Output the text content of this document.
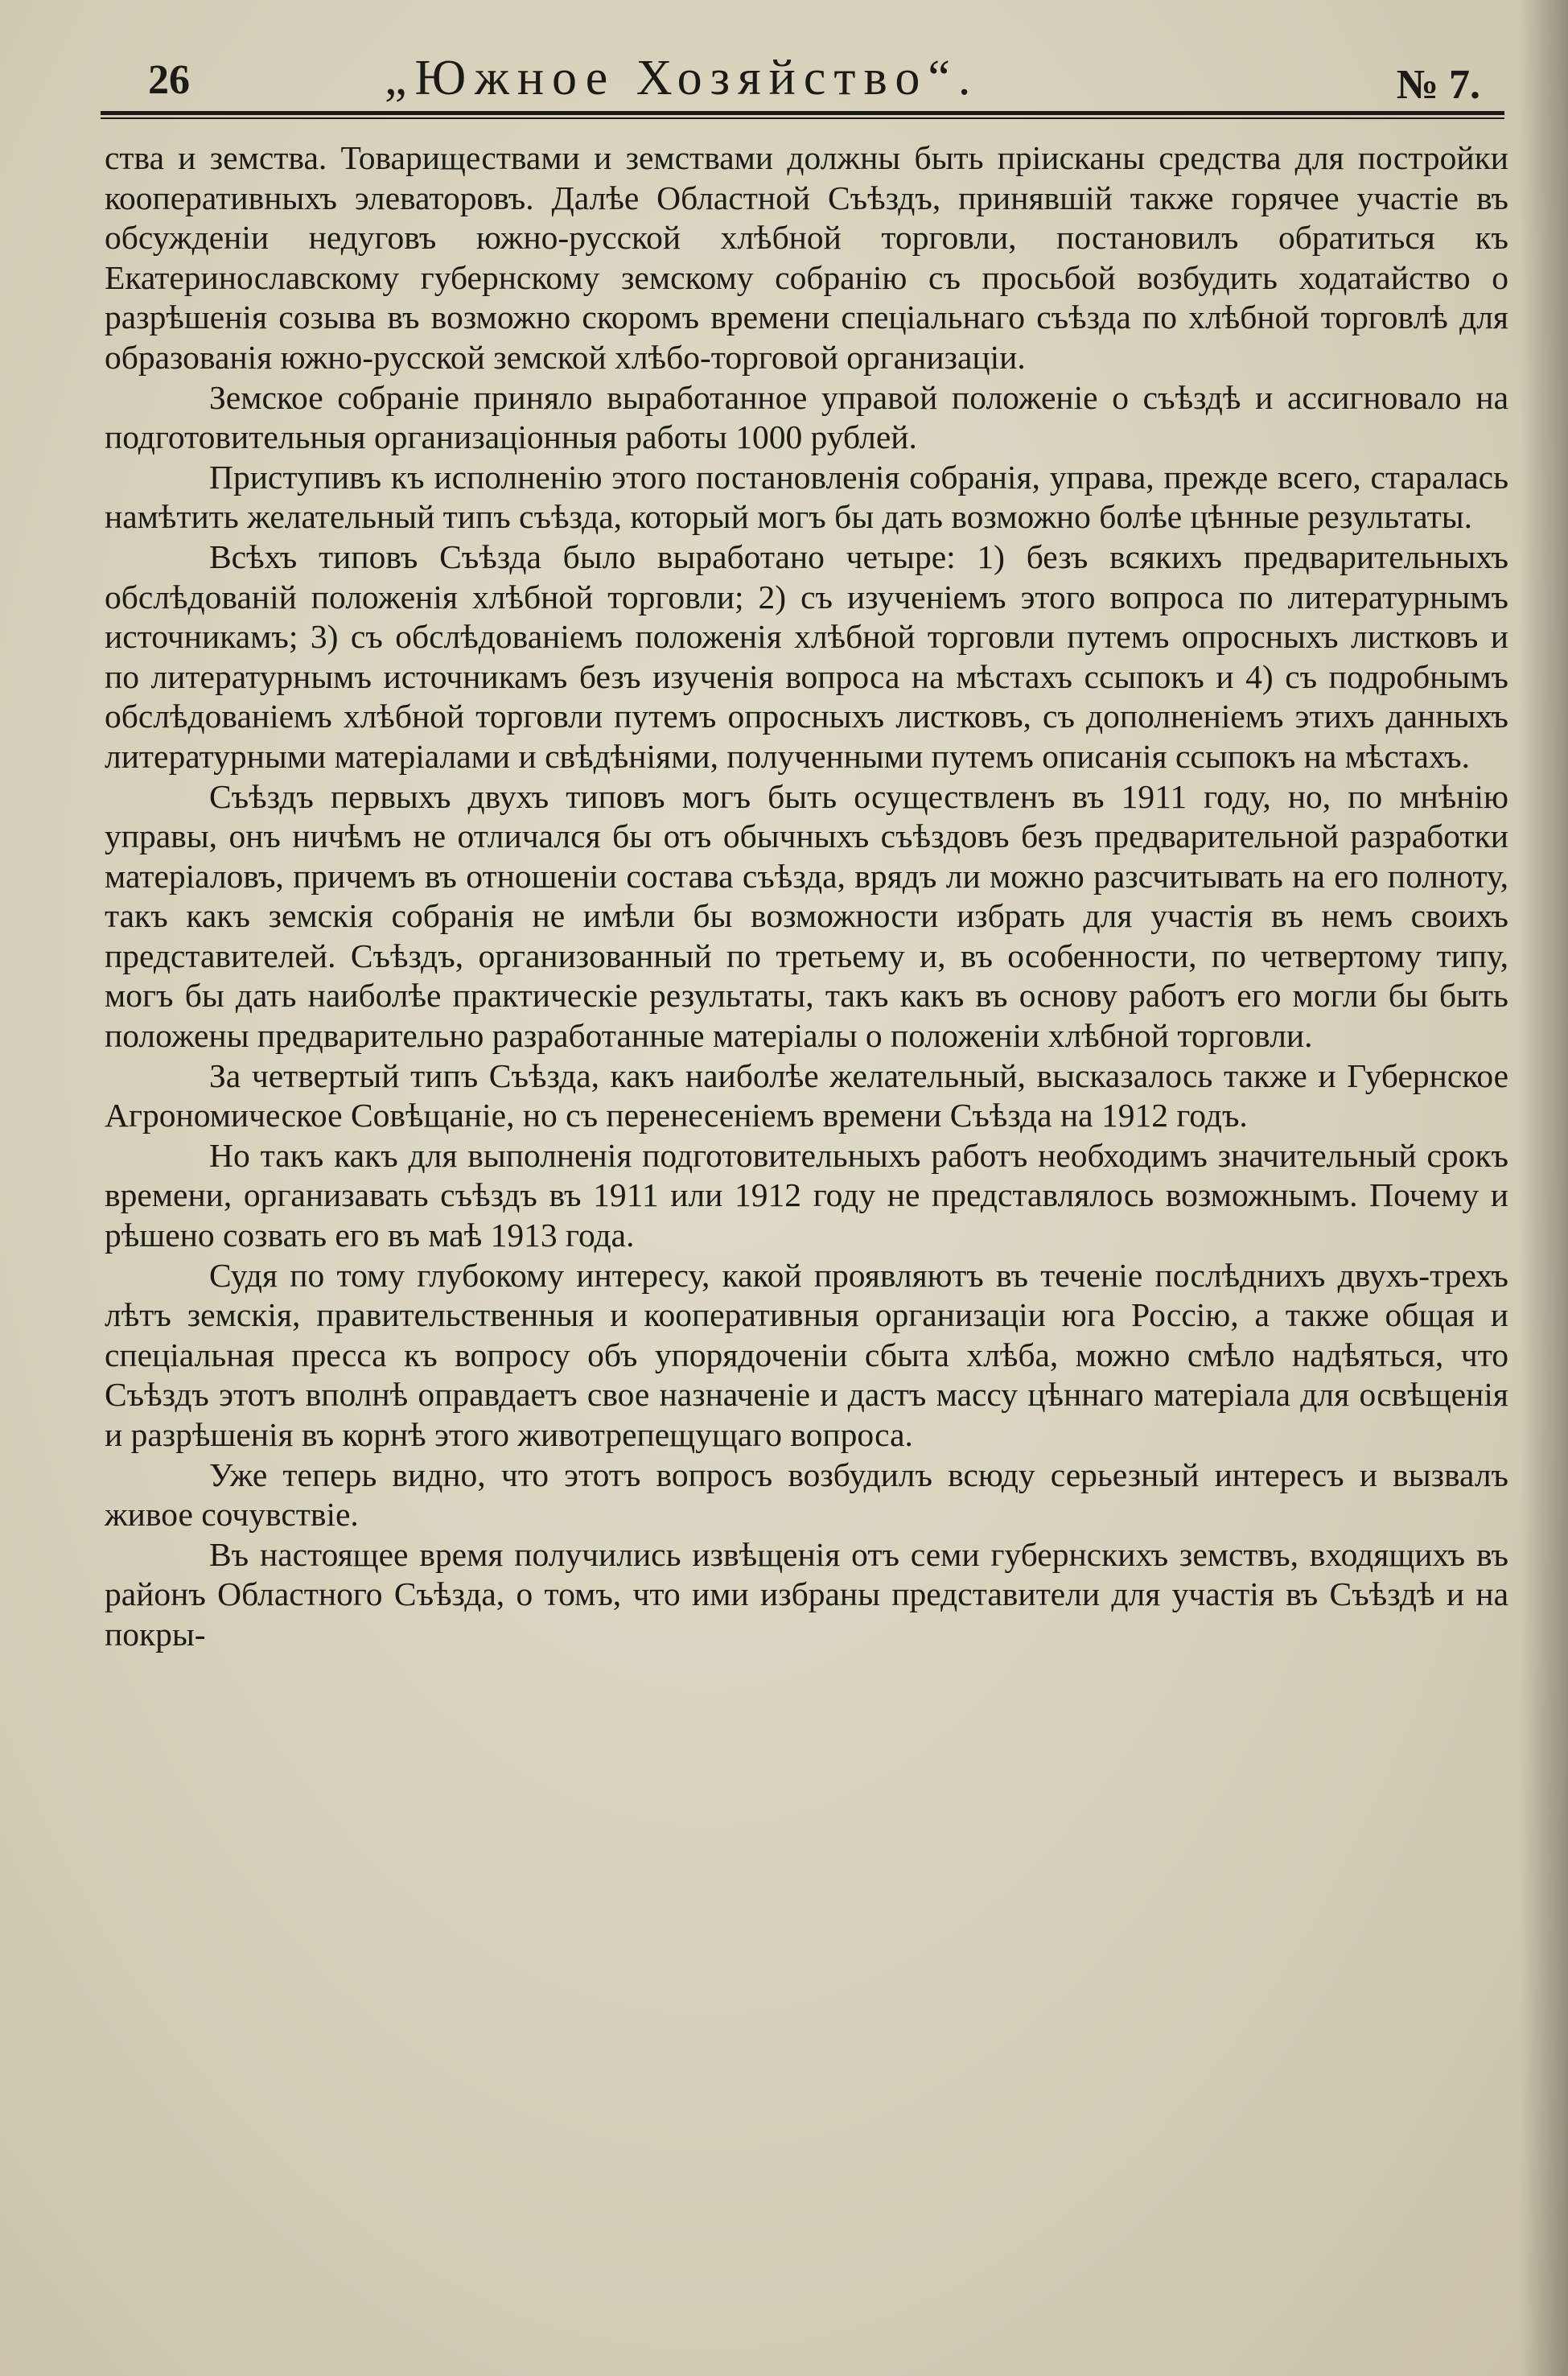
26	„Южное Хозяйство“.	№ 7.

ства и земства. Товариществами и земствами должны быть прiисканы средства для постройки кооперативныхъ элеваторовъ. Далѣе Областной Съѣздъ, принявшiй также горячее участiе въ обсужденiи недуговъ южно-русской хлѣбной торговли, постановилъ обратиться къ Екатеринославскому губернскому земскому собранiю съ просьбой возбудить ходатайство о разрѣшенiя созыва въ возможно скоромъ времени спецiальнаго съѣзда по хлѣбной торговлѣ для образованiя южно-русской земской хлѣбо-торговой организацiи.

Земское собранiе приняло выработанное управой положенiе о съѣздѣ и ассигновало на подготовительныя организацiонныя работы 1000 рублей.

Приступивъ къ исполненiю этого постановленiя собранiя, управа, прежде всего, старалась намѣтить желательный типъ съѣзда, который могъ бы дать возможно болѣе цѣнные результаты.

Всѣхъ типовъ Съѣзда было выработано четыре: 1) безъ всякихъ предварительныхъ обслѣдованiй положенiя хлѣбной торговли; 2) съ изученiемъ этого вопроса по литературнымъ источникамъ; 3) съ обслѣдованiемъ положенiя хлѣбной торговли путемъ опросныхъ листковъ и по литературнымъ источникамъ безъ изученiя вопроса на мѣстахъ ссыпокъ и 4) съ подробнымъ обслѣдованiемъ хлѣбной торговли путемъ опросныхъ листковъ, съ дополненiемъ этихъ данныхъ литературными матерiалами и свѣдѣнiями, полученными путемъ описанiя ссыпокъ на мѣстахъ.

Съѣздъ первыхъ двухъ типовъ могъ быть осуществленъ въ 1911 году, но, по мнѣнiю управы, онъ ничѣмъ не отличался бы отъ обычныхъ съѣздовъ безъ предварительной разработки матерiаловъ, причемъ въ отношенiи состава съѣзда, врядъ ли можно разсчитывать на его полноту, такъ какъ земскiя собранiя не имѣли бы возможности избрать для участiя въ немъ своихъ представителей. Съѣздъ, организованный по третьему и, въ особенности, по четвертому типу, могъ бы дать наиболѣе практическiе результаты, такъ какъ въ основу работъ его могли бы быть положены предварительно разработанные матерiалы о положенiи хлѣбной торговли.

За четвертый типъ Съѣзда, какъ наиболѣе желательный, высказалось также и Губернское Агрономическое Совѣщанiе, но съ перенесенiемъ времени Съѣзда на 1912 годъ.

Но такъ какъ для выполненiя подготовительныхъ работъ необходимъ значительный срокъ времени, организавать съѣздъ въ 1911 или 1912 году не представлялось возможнымъ. Почему и рѣшено созвать его въ маѣ 1913 года.

Судя по тому глубокому интересу, какой проявляютъ въ теченiе послѣднихъ двухъ-трехъ лѣтъ земскiя, правительственныя и кооперативныя организацiи юга Россiю, а также общая и спецiальная пресса къ вопросу объ упорядоченiи сбыта хлѣба, можно смѣло надѣяться, что Съѣздъ этотъ вполнѣ оправдаетъ свое назначенiе и дастъ массу цѣннаго матерiала для освѣщенiя и разрѣшенiя въ корнѣ этого животрепещущаго вопроса.

Уже теперь видно, что этотъ вопросъ возбудилъ всюду серьезный интересъ и вызвалъ живое сочувствiе.

Въ настоящее время получились извѣщенiя отъ семи губернскихъ земствъ, входящихъ въ районъ Областного Съѣзда, о томъ, что ими избраны представители для участiя въ Съѣздѣ и на покры-
